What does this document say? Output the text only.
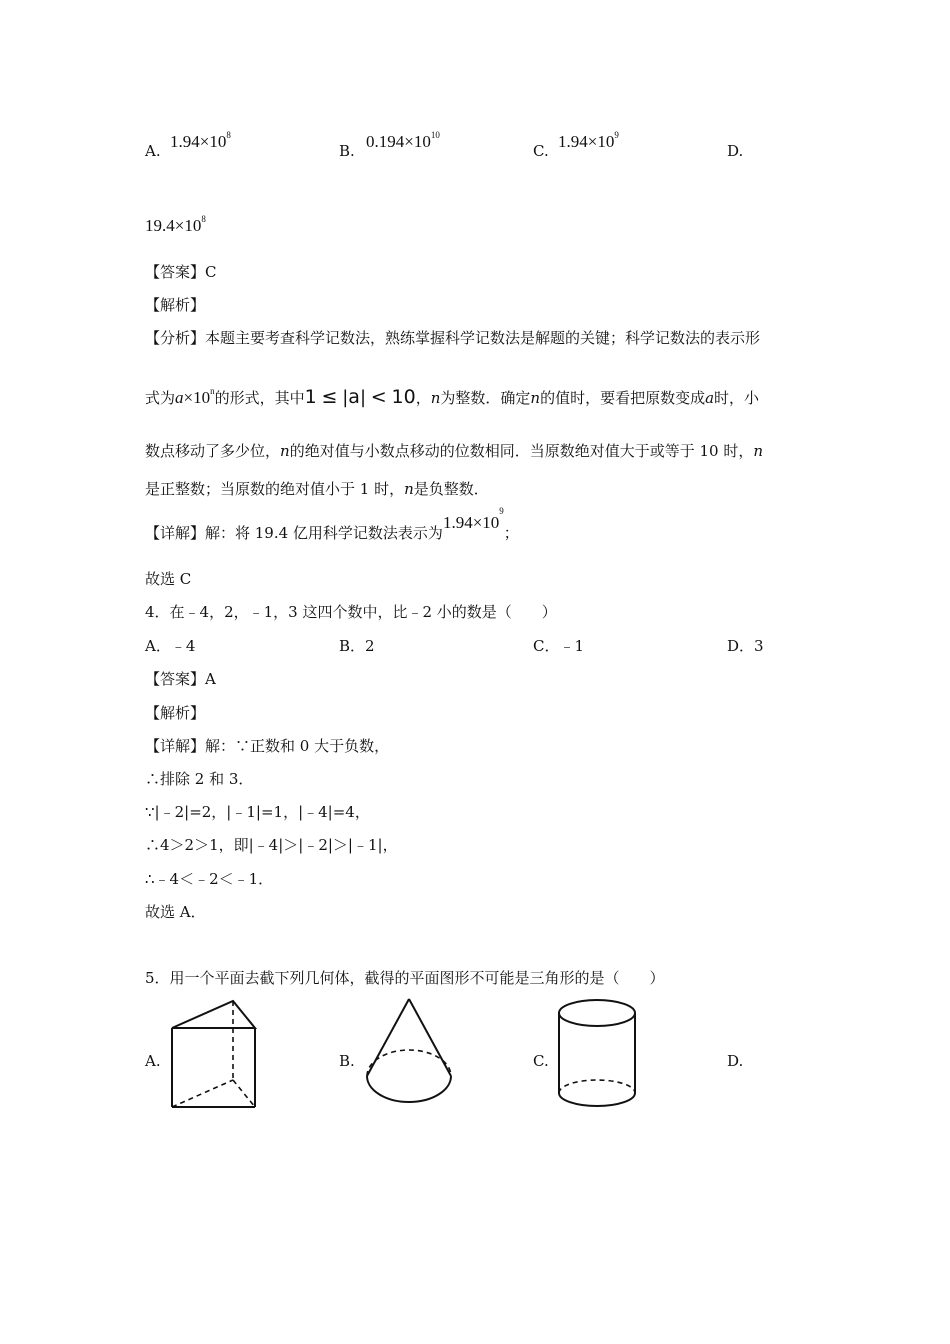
A. $1.94\times 10^8$
B. $0.194\times 10^{10}$
C. $1.94\times 10^9$
D.
$19.4\times 10^8$
【答案】C
【解析】
【分析】本题主要考查科学记数法，熟练掌握科学记数法是解题的关键；科学记数法的表示形
式为$a\times 10^n$的形式，其中1 ≤ |a| < 10，n为整数．确定n的值时，要看把原数变成a时，小
数点移动了多少位，n的绝对值与小数点移动的位数相同．当原数绝对值大于或等于 10 时，n
是正整数；当原数的绝对值小于 1 时，n是负整数．
【详解】解：将 19.4 亿用科学记数法表示为$1.94\times 10^9$；
故选 C
4．在﹣4，2，﹣1，3 这四个数中，比﹣2 小的数是（　　）
A．﹣4	B．2	C．﹣1	D．3
【答案】A
【解析】
【详解】解：∵正数和 0 大于负数，
∴排除 2 和 3．
∵|﹣2|=2，|﹣1|=1，|﹣4|=4，
∴4＞2＞1，即|﹣4|＞|﹣2|＞|﹣1|，
∴﹣4＜﹣2＜﹣1．
故选 A．
5．用一个平面去截下列几何体，截得的平面图形不可能是三角形的是（　　）
A.	B.	C.	D.
